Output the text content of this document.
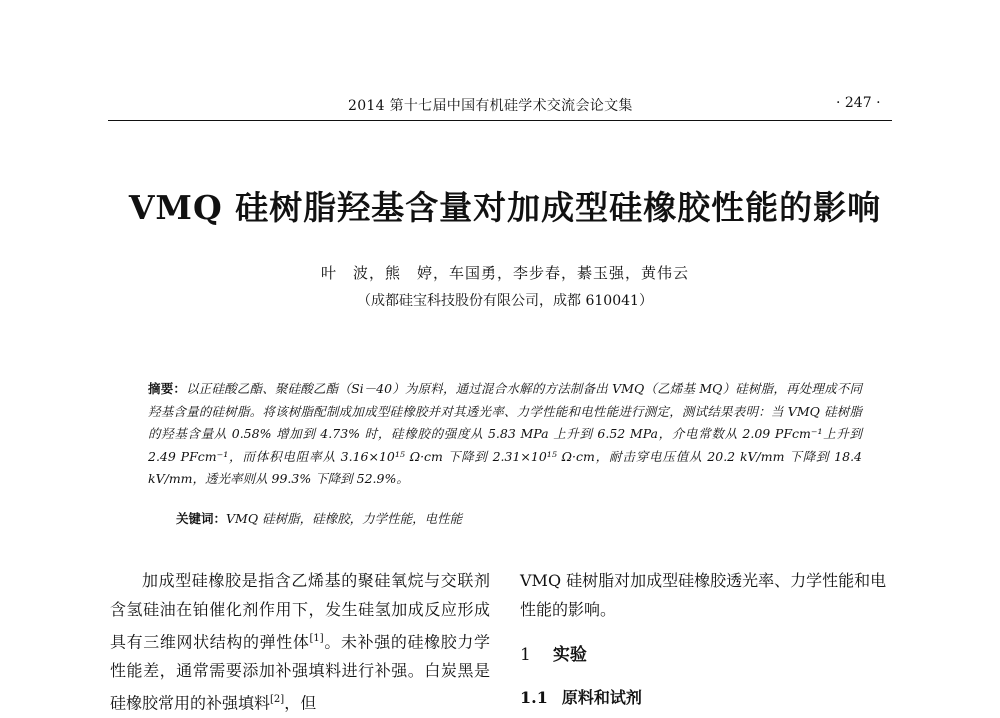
2014 第十七届中国有机硅学术交流会论文集	· 247 ·
VMQ 硅树脂羟基含量对加成型硅橡胶性能的影响
叶　波，熊　婷，车国勇，李步春，綦玉强，黄伟云
（成都硅宝科技股份有限公司，成都 610041）
摘要：以正硅酸乙酯、聚硅酸乙酯（Si－40）为原料，通过混合水解的方法制备出 VMQ（乙烯基 MQ）硅树脂，再处理成不同羟基含量的硅树脂。将该树脂配制成加成型硅橡胶并对其透光率、力学性能和电性能进行测定，测试结果表明：当 VMQ 硅树脂的羟基含量从 0.58% 增加到 4.73% 时，硅橡胶的强度从 5.83 MPa 上升到 6.52 MPa，介电常数从 2.09 PFcm⁻¹上升到 2.49 PFcm⁻¹，而体积电阻率从 3.16×10¹⁵ Ω·cm 下降到 2.31×10¹⁵ Ω·cm，耐击穿电压值从 20.2 kV/mm 下降到 18.4 kV/mm，透光率则从 99.3% 下降到 52.9%。
关键词：VMQ 硅树脂，硅橡胶，力学性能，电性能

加成型硅橡胶是指含乙烯基的聚硅氧烷与交联剂含氢硅油在铂催化剂作用下，发生硅氢加成反应形成具有三维网状结构的弹性体[1]。未补强的硅橡胶力学性能差，通常需要添加补强填料进行补强。白炭黑是硅橡胶常用的补强填料[2]，但

VMQ 硅树脂对加成型硅橡胶透光率、力学性能和电性能的影响。

1 实验
1.1 原料和试剂
